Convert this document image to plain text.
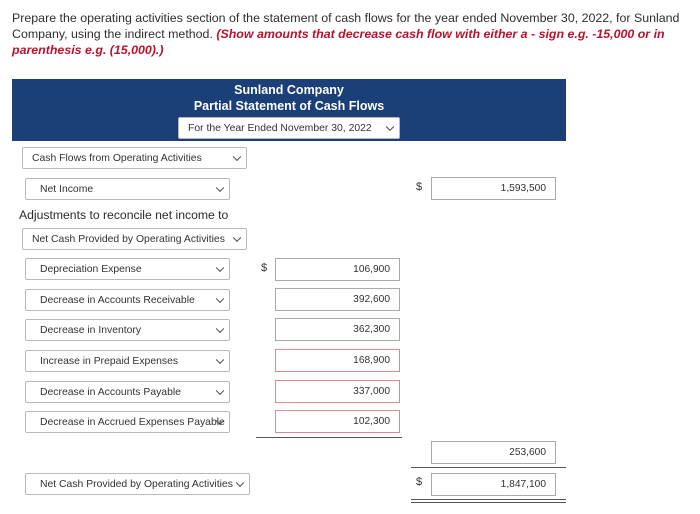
Prepare the operating activities section of the statement of cash flows for the year ended November 30, 2022, for Sunland Company, using the indirect method. (Show amounts that decrease cash flow with either a - sign e.g. -15,000 or in parenthesis e.g. (15,000).)
Sunland Company
Partial Statement of Cash Flows
For the Year Ended November 30, 2022
Cash Flows from Operating Activities
Net Income	$	1,593,500
Adjustments to reconcile net income to
Net Cash Provided by Operating Activities
Depreciation Expense	$	106,900
Decrease in Accounts Receivable	392,600
Decrease in Inventory	362,300
Increase in Prepaid Expenses	168,900
Decrease in Accounts Payable	337,000
Decrease in Accrued Expenses Payable	102,300
253,600
Net Cash Provided by Operating Activities	$	1,847,100
